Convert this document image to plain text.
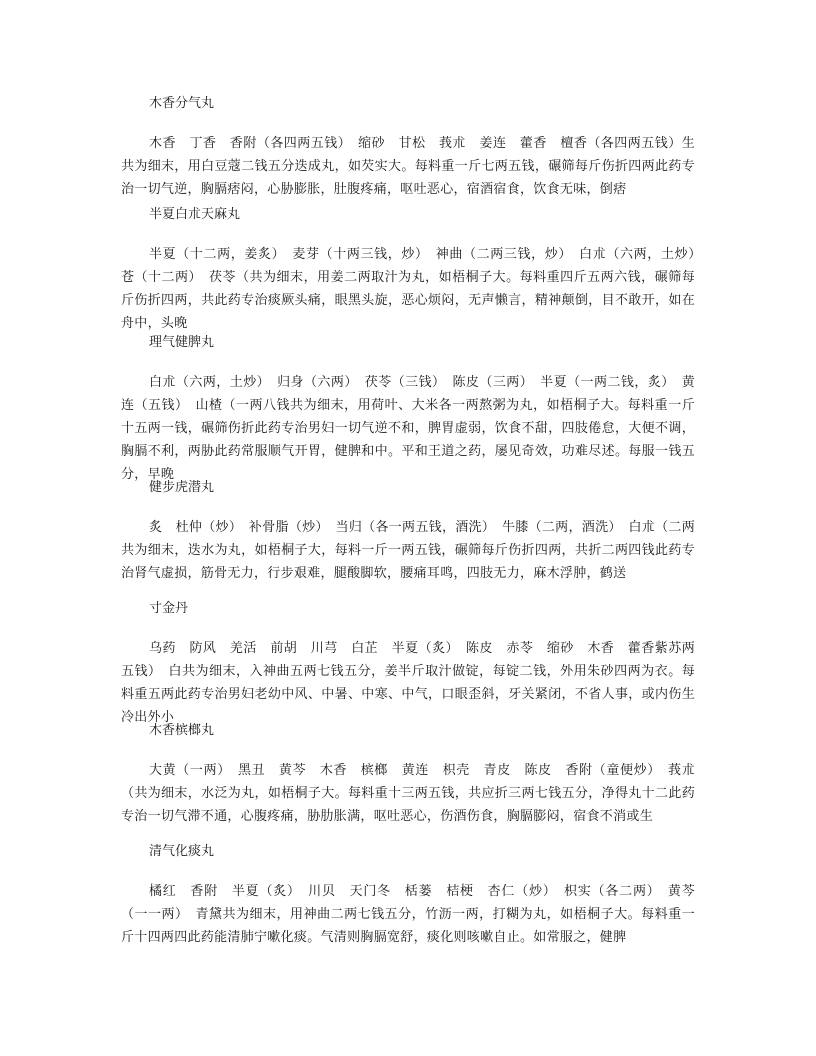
木香分气丸

木香　丁香　香附（各四两五钱）　缩砂　甘松　莪朮　姜连　藿香　檀香（各四两五钱）生共为细末，用白豆蔻二钱五分迭成丸，如芡实大。每料重一斤七两五钱，碾筛每斤伤折四两此药专治一切气逆，胸膈痞闷，心胁膨胀，肚腹疼痛，呕吐恶心，宿酒宿食，饮食无味，倒痞

半夏白朮天麻丸

半夏（十二两，姜炙）　麦芽（十两三钱，炒）　神曲（二两三钱，炒）　白朮（六两，土炒）　苍（十二两）　茯苓（共为细末，用姜二两取汁为丸，如梧桐子大。每料重四斤五两六钱，碾筛每斤伤折四两，共此药专治痰厥头痛，眼黑头旋，恶心烦闷，无声懒言，精神颠倒，目不敢开，如在舟中，头晚

理气健脾丸

白朮（六两，土炒）　归身（六两）　茯苓（三钱）　陈皮（三两）　半夏（一两二钱，炙）　黄连（五钱）　山楂（一两八钱共为细末，用荷叶、大米各一两熬粥为丸，如梧桐子大。每料重一斤十五两一钱，碾筛伤折此药专治男妇一切气逆不和，脾胃虚弱，饮食不甜，四肢倦怠，大便不调，胸膈不利，两胁此药常服顺气开胃，健脾和中。平和王道之药，屡见奇效，功难尽述。每服一钱五分，早晚

健步虎潜丸

炙　杜仲（炒）　补骨脂（炒）　当归（各一两五钱，酒洗）　牛膝（二两，酒洗）　白朮（二两共为细末，迭水为丸，如梧桐子大，每料一斤一两五钱，碾筛每斤伤折四两，共折二两四钱此药专治肾气虚损，筋骨无力，行步艰难，腿酸脚软，腰痛耳鸣，四肢无力，麻木浮肿，鹤送

寸金丹

乌药　防风　羌活　前胡　川芎　白芷　半夏（炙）　陈皮　赤苓　缩砂　木香　藿香紫苏两五钱）　白共为细末，入神曲五两七钱五分，姜半斤取汁做锭，每锭二钱，外用朱砂四两为衣。每料重五两此药专治男妇老幼中风、中暑、中寒、中气，口眼歪斜，牙关紧闭，不省人事，或内伤生冷出外小

木香槟榔丸

大黄（一两）　黑丑　黄芩　木香　槟榔　黄连　枳壳　青皮　陈皮　香附（童便炒）　莪朮（共为细末，水泛为丸，如梧桐子大。每料重十三两五钱，共应折三两七钱五分，净得丸十二此药专治一切气滞不通，心腹疼痛，胁肋胀满，呕吐恶心，伤酒伤食，胸膈膨闷，宿食不消或生

清气化痰丸

橘红　香附　半夏（炙）　川贝　天门冬　栝蒌　桔梗　杏仁（炒）　枳实（各二两）　黄芩（一一两）　青黛共为细末，用神曲二两七钱五分，竹沥一两，打糊为丸，如梧桐子大。每料重一斤十四两四此药能清肺宁嗽化痰。气清则胸膈宽舒，痰化则咳嗽自止。如常服之，健脾
